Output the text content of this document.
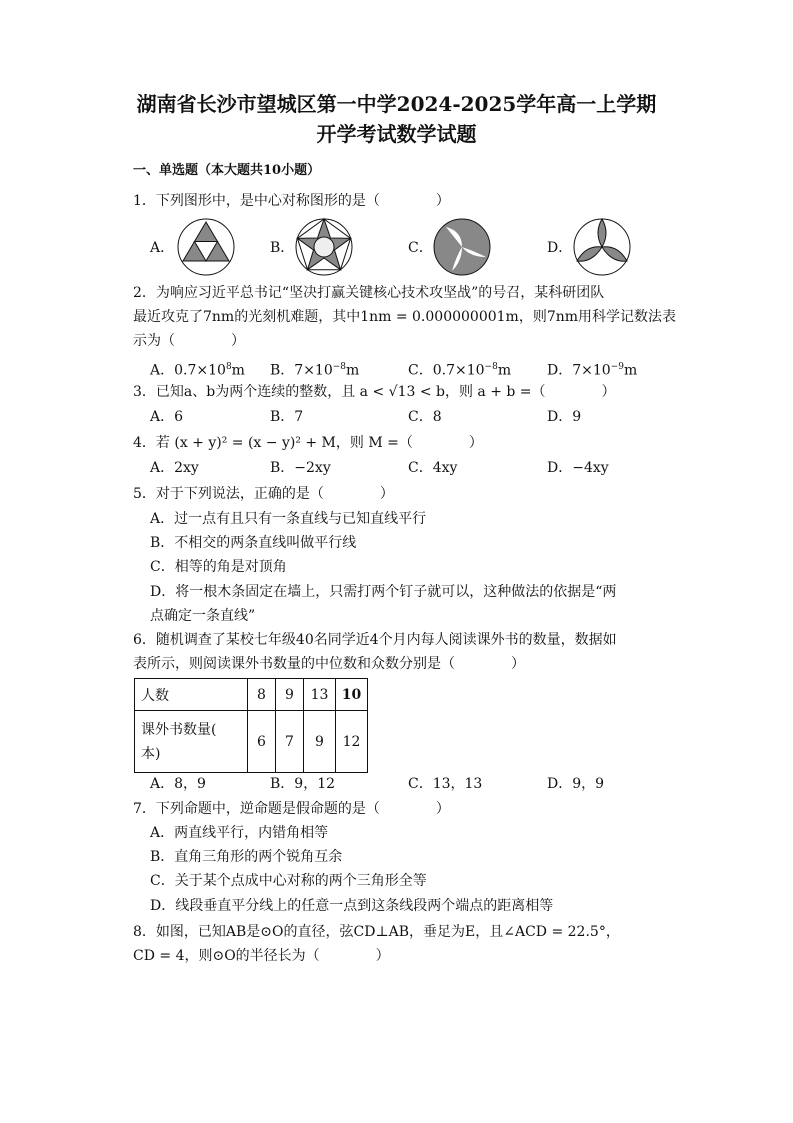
湖南省长沙市望城区第一中学2024-2025学年高一上学期
开学考试数学试题
一、单选题（本大题共10小题）
1．下列图形中，是中心对称图形的是（　　　　）
A．	B．	C．	D．
2．为响应习近平总书记“坚决打赢关键核心技术攻坚战”的号召，某科研团队
最近攻克了7nm的光刻机难题，其中1nm = 0.000000001m，则7nm用科学记数法表
示为（　　　　）
A．$0.7\times 10^8m$ B．$7\times 10^{-8}m$	C．$0.7\times 10^{-8}m$	D．$7\times 10^{-9}m$
3．已知a、b为两个连续的整数，且 a < √13 < b，则 a + b =（　　　　）
A．6	B．7	C．8	D．9
4．若 (x + y)² = (x − y)² + M，则 M =（　　　　）
A．2xy	B．−2xy	C．4xy	D．−4xy
5．对于下列说法，正确的是（　　　　）
A．过一点有且只有一条直线与已知直线平行
B．不相交的两条直线叫做平行线
C．相等的角是对顶角
D．将一根木条固定在墙上，只需打两个钉子就可以，这种做法的依据是“两
点确定一条直线”
6．随机调查了某校七年级40名同学近4个月内每人阅读课外书的数量，数据如
表所示，则阅读课外书数量的中位数和众数分别是（　　　　）
人数	8	9	13	10
课外书数量(
本)	6	7	9	12
A．8，9	B．9，12	C．13，13	D．9，9
7．下列命题中，逆命题是假命题的是（　　　　）
A．两直线平行，内错角相等
B．直角三角形的两个锐角互余
C．关于某个点成中心对称的两个三角形全等
D．线段垂直平分线上的任意一点到这条线段两个端点的距离相等
8．如图，已知AB是⊙O的直径，弦CD⊥AB，垂足为E，且∠ACD = 22.5°，
CD = 4，则⊙O的半径长为（　　　　）
